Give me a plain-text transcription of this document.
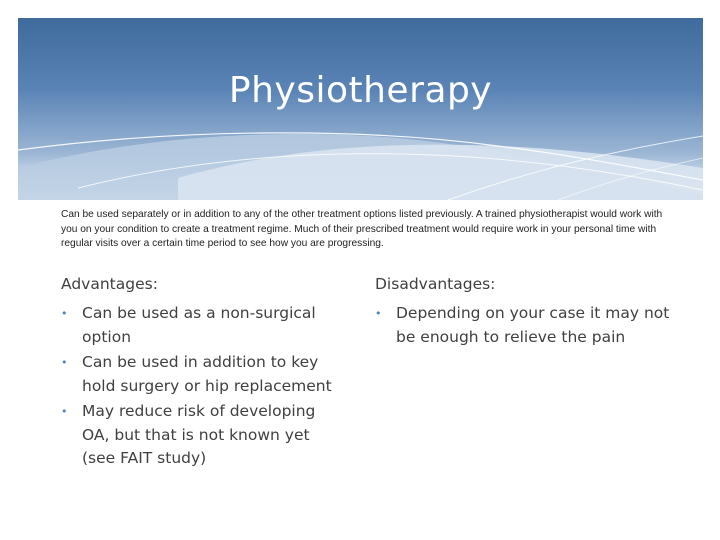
Physiotherapy
Can be used separately or in addition to any of the other treatment options listed previously. A trained physiotherapist would work with you on your condition to create a treatment regime. Much of their prescribed treatment would require work in your personal time with regular visits over a certain time period to see how you are progressing.
Advantages:
• Can be used as a non-surgical option
• Can be used in addition to key hold surgery or hip replacement
• May reduce risk of developing OA, but that is not known yet (see FAIT study)
Disadvantages:
• Depending on your case it may not be enough to relieve the pain
